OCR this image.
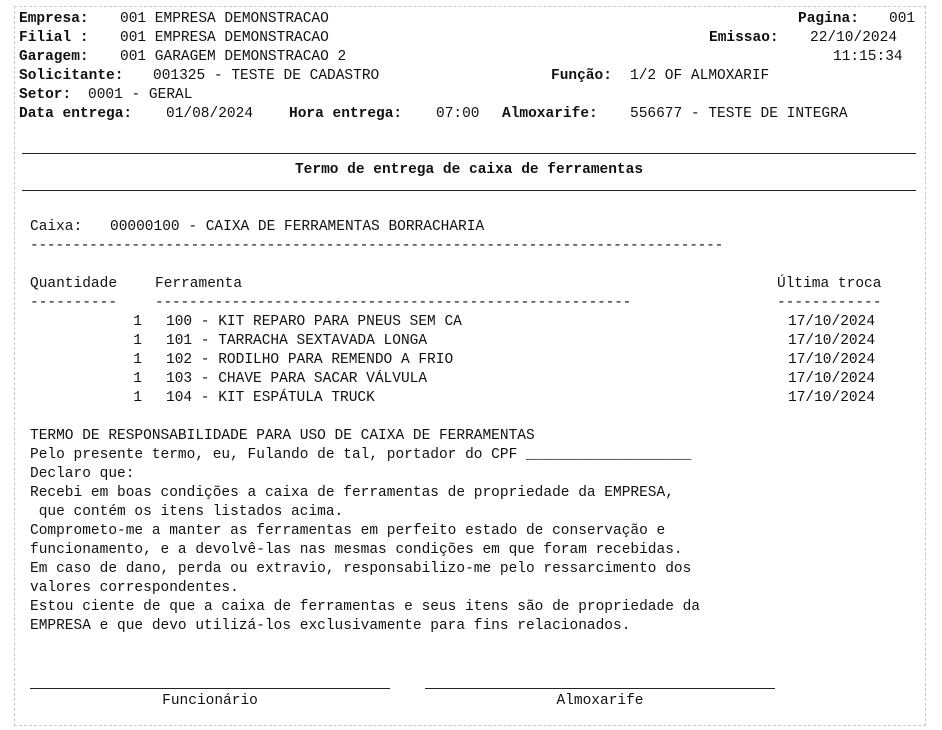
Empresa: 001 EMPRESA DEMONSTRACAO	Pagina: 001
Filial : 001 EMPRESA DEMONSTRACAO	Emissao: 22/10/2024
Garagem: 001 GARAGEM DEMONSTRACAO 2	11:15:34
Solicitante: 001325 - TESTE DE CADASTRO	Função: 1/2 OF ALMOXARIF
Setor: 0001 - GERAL
Data entrega: 01/08/2024 Hora entrega: 07:00 Almoxarife: 556677 - TESTE DE INTEGRA
Termo de entrega de caixa de ferramentas
Caixa: 00000100 - CAIXA DE FERRAMENTAS BORRACHARIA
----------------------------------------------------------------------------------
Quantidade	Ferramenta	Última troca
----------	--------------------------------------------------------	------------
1 100 - KIT REPARO PARA PNEUS SEM CA	17/10/2024
1 101 - TARRACHA SEXTAVADA LONGA	17/10/2024
1 102 - RODILHO PARA REMENDO A FRIO	17/10/2024
1 103 - CHAVE PARA SACAR VÁLVULA	17/10/2024
1 104 - KIT ESPÁTULA TRUCK	17/10/2024
TERMO DE RESPONSABILIDADE PARA USO DE CAIXA DE FERRAMENTAS
Pelo presente termo, eu, Fulando de tal, portador do CPF ___________________
Declaro que:
Recebi em boas condições a caixa de ferramentas de propriedade da EMPRESA,
que contém os itens listados acima.
Comprometo-me a manter as ferramentas em perfeito estado de conservação e
funcionamento, e a devolvê-las nas mesmas condições em que foram recebidas.
Em caso de dano, perda ou extravio, responsabilizo-me pelo ressarcimento dos
valores correspondentes.
Estou ciente de que a caixa de ferramentas e seus itens são de propriedade da
EMPRESA e que devo utilizá-los exclusivamente para fins relacionados.
Funcionário	Almoxarife
